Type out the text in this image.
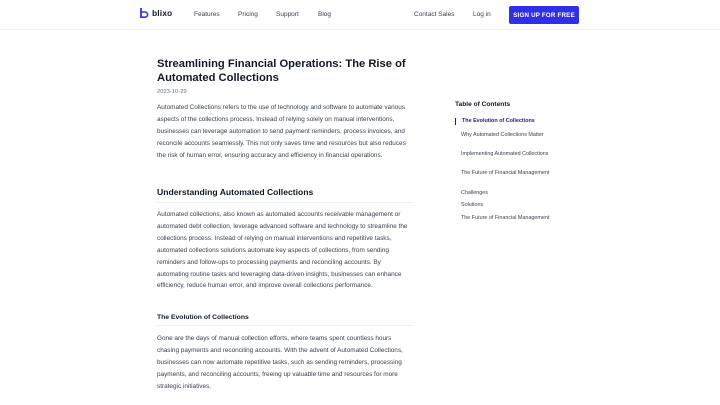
blixo	Features	Pricing	Support	Blog	Contact Sales	Log in	SIGN UP FOR FREE
Streamlining Financial Operations: The Rise of Automated Collections
2023-10-29

Automated Collections refers to the use of technology and software to automate various aspects of the collections process. Instead of relying solely on manual interventions, businesses can leverage automation to send payment reminders, process invoices, and reconcile accounts seamlessly. This not only saves time and resources but also reduces the risk of human error, ensuring accuracy and efficiency in financial operations.

Understanding Automated Collections

Automated collections, also known as automated accounts receivable management or automated debt collection, leverage advanced software and technology to streamline the collections process. Instead of relying on manual interventions and repetitive tasks, automated collections solutions automate key aspects of collections, from sending reminders and follow-ups to processing payments and reconciling accounts. By automating routine tasks and leveraging data-driven insights, businesses can enhance efficiency, reduce human error, and improve overall collections performance.

The Evolution of Collections

Gone are the days of manual collection efforts, where teams spent countless hours chasing payments and reconciling accounts. With the advent of Automated Collections, businesses can now automate repetitive tasks, such as sending reminders, processing payments, and reconciling accounts, freeing up valuable time and resources for more strategic initiatives.

Table of Contents
The Evolution of Collections
Why Automated Collections Matter
Implementing Automated Collections
The Future of Financial Management
Challenges
Solutions
The Future of Financial Management
